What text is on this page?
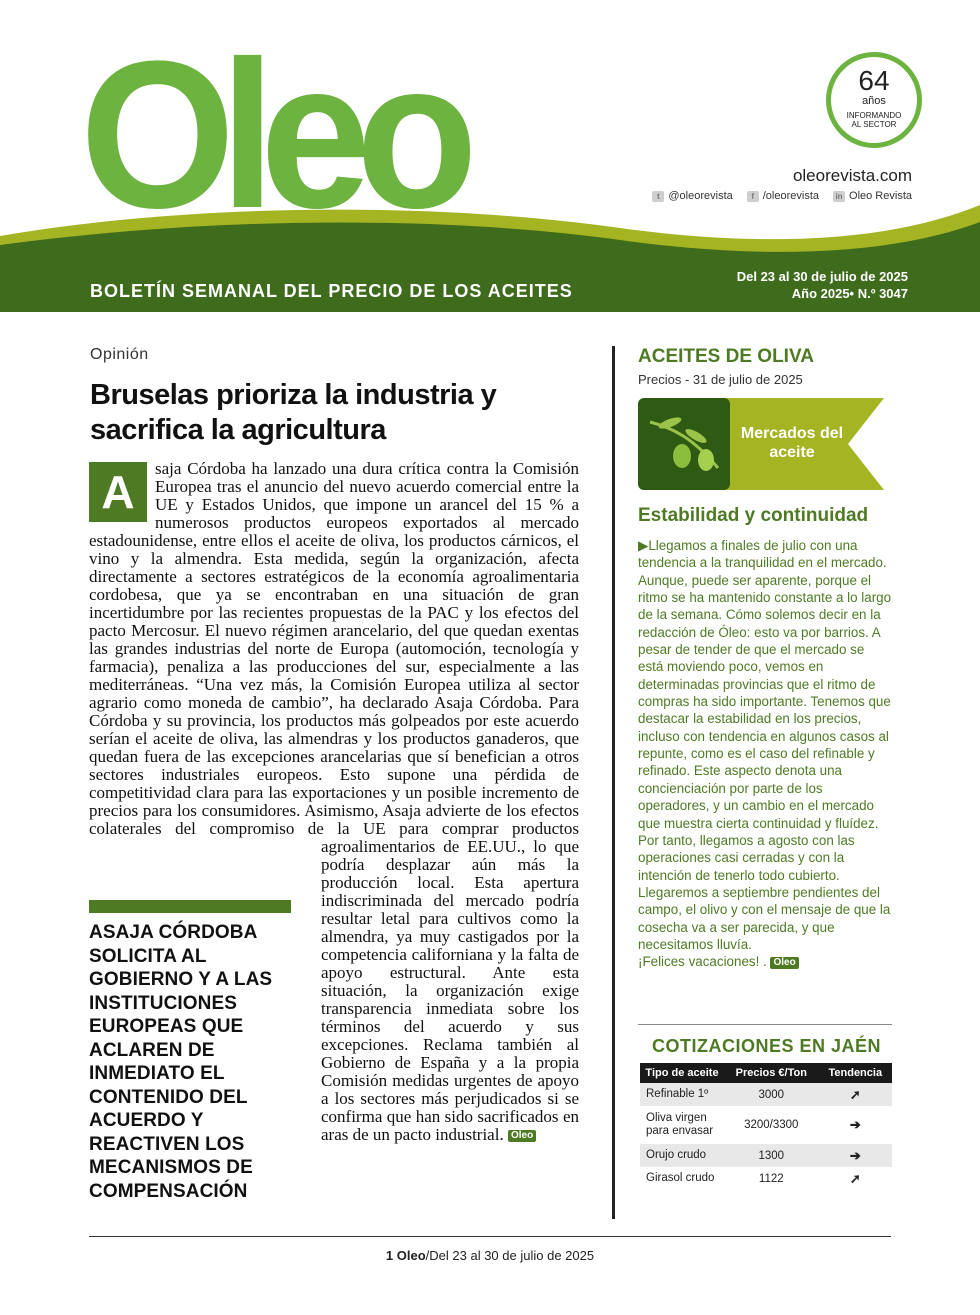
Oleo	64
años
INFORMANDO
AL SECTOR
oleorevista.com
t @oleorevista	f /oleorevista	in Oleo Revista
BOLETÍN SEMANAL DEL PRECIO DE LOS ACEITES
Del 23 al 30 de julio de 2025
Año 2025• N.º 3047
Opinión
Bruselas prioriza la industria y sacrifica la agricultura
A	saja Córdoba ha lanzado una dura crítica contra la Comisión Europea tras el anuncio del nuevo acuerdo comercial entre la UE y Estados Unidos, que impone un arancel del 15 % a numerosos productos europeos exportados al mercado estadounidense, entre ellos el aceite de oliva, los productos cárnicos, el vino y la almendra. Esta medida, según la organización, afecta directamente a sectores estratégicos de la economía agroalimentaria cordobesa, que ya se encontraban en una situación de gran incertidumbre por las recientes propuestas de la PAC y los efectos del pacto Mercosur. El nuevo régimen arancelario, del que quedan exentas las grandes industrias del norte de Europa (automoción, tecnología y farmacia), penaliza a las producciones del sur, especialmente a las mediterráneas. “Una vez más, la Comisión Europea utiliza al sector agrario como moneda de cambio”, ha declarado Asaja Córdoba. Para Córdoba y su provincia, los productos más golpeados por este acuerdo serían el aceite de oliva, las almendras y los productos ganaderos, que quedan fuera de las excepciones arancelarias que sí benefician a otros sectores industriales europeos. Esto supone una pérdida de competitividad clara para las exportaciones y un posible incremento de precios para los consumidores. Asimismo, Asaja advierte de los efectos colaterales del compromiso de la UE para comprar productos
agroalimentarios de EE.UU., lo que podría desplazar aún más la producción local. Esta apertura indiscriminada del mercado podría resultar letal para cultivos como la almendra, ya muy castigados por la competencia californiana y la falta de apoyo estructural. Ante esta situación, la organización exige transparencia inmediata sobre los términos del acuerdo y sus excepciones. Reclama también al Gobierno de España y a la propia Comisión medidas urgentes de apoyo a los sectores más perjudicados si se confirma que han sido sacrificados en aras de un pacto industrial. Oleo
ASAJA CÓRDOBA SOLICITA AL GOBIERNO Y A LAS INSTITUCIONES EUROPEAS QUE ACLAREN DE INMEDIATO EL CONTENIDO DEL ACUERDO Y REACTIVEN LOS MECANISMOS DE COMPENSACIÓN
ACEITES DE OLIVA
Precios - 31 de julio de 2025
Mercados del aceite
Estabilidad y continuidad
▶Llegamos a finales de julio con una tendencia a la tranquilidad en el mercado. Aunque, puede ser aparente, porque el ritmo se ha mantenido constante a lo largo de la semana. Cómo solemos decir en la redacción de Óleo: esto va por barrios. A pesar de tender de que el mercado se está moviendo poco, vemos en determinadas provincias que el ritmo de compras ha sido importante. Tenemos que destacar la estabilidad en los precios, incluso con tendencia en algunos casos al repunte, como es el caso del refinable y refinado. Este aspecto denota una concienciación por parte de los operadores, y un cambio en el mercado que muestra cierta continuidad y fluídez. Por tanto, llegamos a agosto con las operaciones casi cerradas y con la intención de tenerlo todo cubierto. Llegaremos a septiembre pendientes del campo, el olivo y con el mensaje de que la cosecha va a ser parecida, y que necesitamos lluvía.
¡Felices vacaciones! . Oleo
COTIZACIONES EN JAÉN
Tipo de aceite	Precios €/Ton	Tendencia
Refinable 1º	3000	➚
Oliva virgen para envasar	3200/3300	➔
Orujo crudo	1300	➔
Girasol crudo	1122	➚
1 Oleo/Del 23 al 30 de julio de 2025
